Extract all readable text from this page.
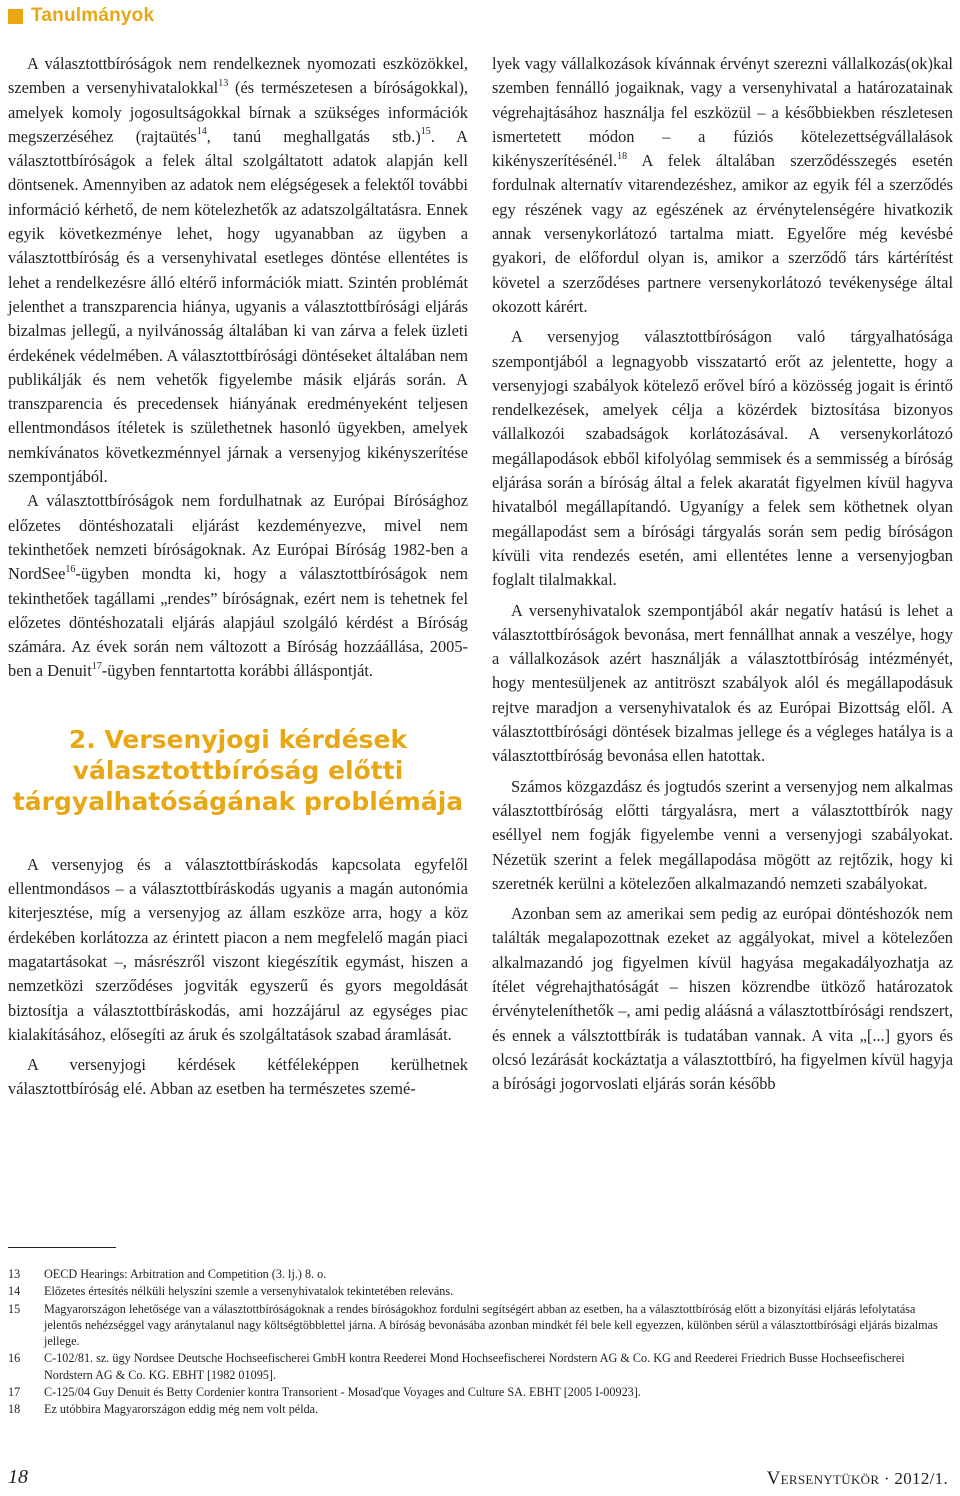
Tanulmányok

A választottbíróságok nem rendelkeznek nyomozati eszközökkel, szemben a versenyhivatalokkal$^{13}$ (és természetesen a bíróságokkal), amelyek komoly jogosultságokkal bírnak a szükséges információk megszerzéséhez (rajtaütés$^{14}$, tanú meghallgatás stb.)$^{15}$. A választottbíróságok a felek által szolgáltatott adatok alapján kell döntsenek. Amennyiben az adatok nem elégségesek a felektől további információ kérhető, de nem kötelezhetők az adatszolgáltatásra. Ennek egyik következménye lehet, hogy ugyanabban az ügyben a választottbíróság és a versenyhivatal esetleges döntése ellentétes is lehet a rendelkezésre álló eltérő információk miatt. Szintén problémát jelenthet a transzparencia hiánya, ugyanis a választottbírósági eljárás bizalmas jellegű, a nyilvánosság általában ki van zárva a felek üzleti érdekének védelmében. A választottbírósági döntéseket általában nem publikálják és nem vehetők figyelembe másik eljárás során. A transzparencia és precedensek hiányának eredményeként teljesen ellentmondásos ítéletek is születhetnek hasonló ügyekben, amelyek nemkívánatos következménnyel járnak a versenyjog kikényszerítése szempontjából.

A választottbíróságok nem fordulhatnak az Európai Bírósághoz előzetes döntéshozatali eljárást kezdeményezve, mivel nem tekinthetőek nemzeti bíróságoknak. Az Európai Bíróság 1982-ben a NordSee$^{16}$-ügyben mondta ki, hogy a választottbíróságok nem tekinthetőek tagállami „rendes” bíróságnak, ezért nem is tehetnek fel előzetes döntéshozatali eljárás alapjául szolgáló kérdést a Bíróság számára. Az évek során nem változott a Bíróság hozzáállása, 2005-ben a Denuit$^{17}$-ügyben fenntartotta korábbi álláspontját.

2. Versenyjogi kérdések
választottbíróság előtti
tárgyalhatóságának problémája

A versenyjog és a választottbíráskodás kapcsolata egyfelől ellentmondásos – a választottbíráskodás ugyanis a magán autonómia kiterjesztése, míg a versenyjog az állam eszköze arra, hogy a köz érdekében korlátozza az érintett piacon a nem megfelelő magán piaci magatartásokat –, másrészről viszont kiegészítik egymást, hiszen a nemzetközi szerződéses jogviták egyszerű és gyors megoldását biztosítja a választottbíráskodás, ami hozzájárul az egységes piac kialakításához, elősegíti az áruk és szolgáltatások szabad áramlását.

A versenyjogi kérdések kétféleképpen kerülhetnek választottbíróság elé. Abban az esetben ha természetes szemé-

lyek vagy vállalkozások kívánnak érvényt szerezni vállalkozás(ok)kal szemben fennálló jogaiknak, vagy a versenyhivatal a határozatainak végrehajtásához használja fel eszközül – a későbbiekben részletesen ismertetett módon – a fúziós kötelezettségvállalások kikényszerítésénél.$^{18}$ A felek általában szerződésszegés esetén fordulnak alternatív vitarendezéshez, amikor az egyik fél a szerződés egy részének vagy az egészének az érvénytelenségére hivatkozik annak versenykorlátozó tartalma miatt. Egyelőre még kevésbé gyakori, de előfordul olyan is, amikor a szerződő társ kártérítést követel a szerződéses partnere versenykorlátozó tevékenysége által okozott kárért.

A versenyjog választottbíróságon való tárgyalhatósága szempontjából a legnagyobb visszatartó erőt az jelentette, hogy a versenyjogi szabályok kötelező erővel bíró a közösség jogait is érintő rendelkezések, amelyek célja a közérdek biztosítása bizonyos vállalkozói szabadságok korlátozásával. A versenykorlátozó megállapodások ebből kifolyólag semmisek és a semmisség a bíróság eljárása során a bíróság által a felek akaratát figyelmen kívül hagyva hivatalból megállapítandó. Ugyanígy a felek sem köthetnek olyan megállapodást sem a bírósági tárgyalás során sem pedig bíróságon kívüli vita rendezés esetén, ami ellentétes lenne a versenyjogban foglalt tilalmakkal.

A versenyhivatalok szempontjából akár negatív hatású is lehet a választottbíróságok bevonása, mert fennállhat annak a veszélye, hogy a vállalkozások azért használják a választottbíróság intézményét, hogy mentesüljenek az antitröszt szabályok alól és megállapodásuk rejtve maradjon a versenyhivatalok és az Európai Bizottság elől. A választottbírósági döntések bizalmas jellege és a végleges hatálya is a választottbíróság bevonása ellen hatottak.

Számos közgazdász és jogtudós szerint a versenyjog nem alkalmas választottbíróság előtti tárgyalásra, mert a választottbírók nagy eséllyel nem fogják figyelembe venni a versenyjogi szabályokat. Nézetük szerint a felek megállapodása mögött az rejtőzik, hogy ki szeretnék kerülni a kötelezően alkalmazandó nemzeti szabályokat.

Azonban sem az amerikai sem pedig az európai döntéshozók nem találták megalapozottnak ezeket az aggályokat, mivel a kötelezően alkalmazandó jog figyelmen kívül hagyása megakadályozhatja az ítélet végrehajthatóságát – hiszen közrendbe ütköző határozatok érvényteleníthetők –, ami pedig aláásná a választottbírósági rendszert, és ennek a válsztottbírák is tudatában vannak. A vita „[...] gyors és olcsó lezárását kockáztatja a választottbíró, ha figyelmen kívül hagyja a bírósági jogorvoslati eljárás során később

13	OECD Hearings: Arbitration and Competition (3. lj.) 8. o.
14	Előzetes értesítés nélküli helyszíni szemle a versenyhivatalok tekintetében releváns.
15	Magyarországon lehetősége van a választottbíróságoknak a rendes bíróságokhoz fordulni segítségért abban az esetben, ha a választottbíróság előtt a bizonyítási eljárás lefolytatása jelentős nehézséggel vagy aránytalanul nagy költségtöbblettel járna. A bíróság bevonásába azonban mindkét fél bele kell egyezzen, különben sérül a választottbírósági eljárás bizalmas jellege.
16	C-102/81. sz. ügy Nordsee Deutsche Hochseefischerei GmbH kontra Reederei Mond Hochseefischerei Nordstern AG & Co. KG and Reederei Friedrich Busse Hochseefischerei Nordstern AG & Co. KG. EBHT [1982 01095].
17	C-125/04 Guy Denuit és Betty Cordenier kontra Transorient - Mosaďque Voyages and Culture SA. EBHT [2005 I-00923].
18	Ez utóbbira Magyarországon eddig még nem volt példa.
18	Versenytükör · 2012/1.
